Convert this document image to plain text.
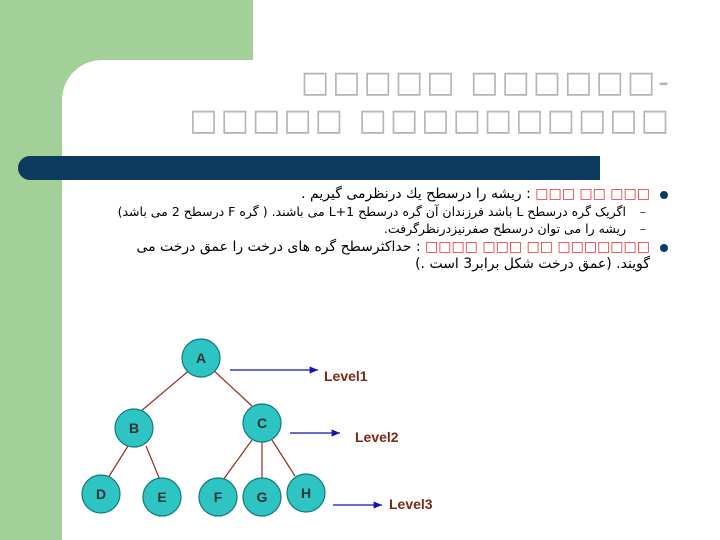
-□□□□□□ □□□□□ □□□□□□□□□□ □□□□□
□□□ □□ □□□ : ریشه را درسطح یك درنظرمی گیریم .
–
اگریک گره درسطح L باشد فرزندان آن گره درسطح L+1 می باشند. ( گره F درسطح 2 می باشد)
–
ریشه را می توان درسطح صفرنیزدرنظرگرفت.
□□□□□□□ □□ □□□ □□□□ : حداکثرسطح گره های درخت را عمق درخت می گویند. (عمق درخت شکل برابر3 است .)
A
B	C
D	E	F G H
Level1
Level2
Level3
